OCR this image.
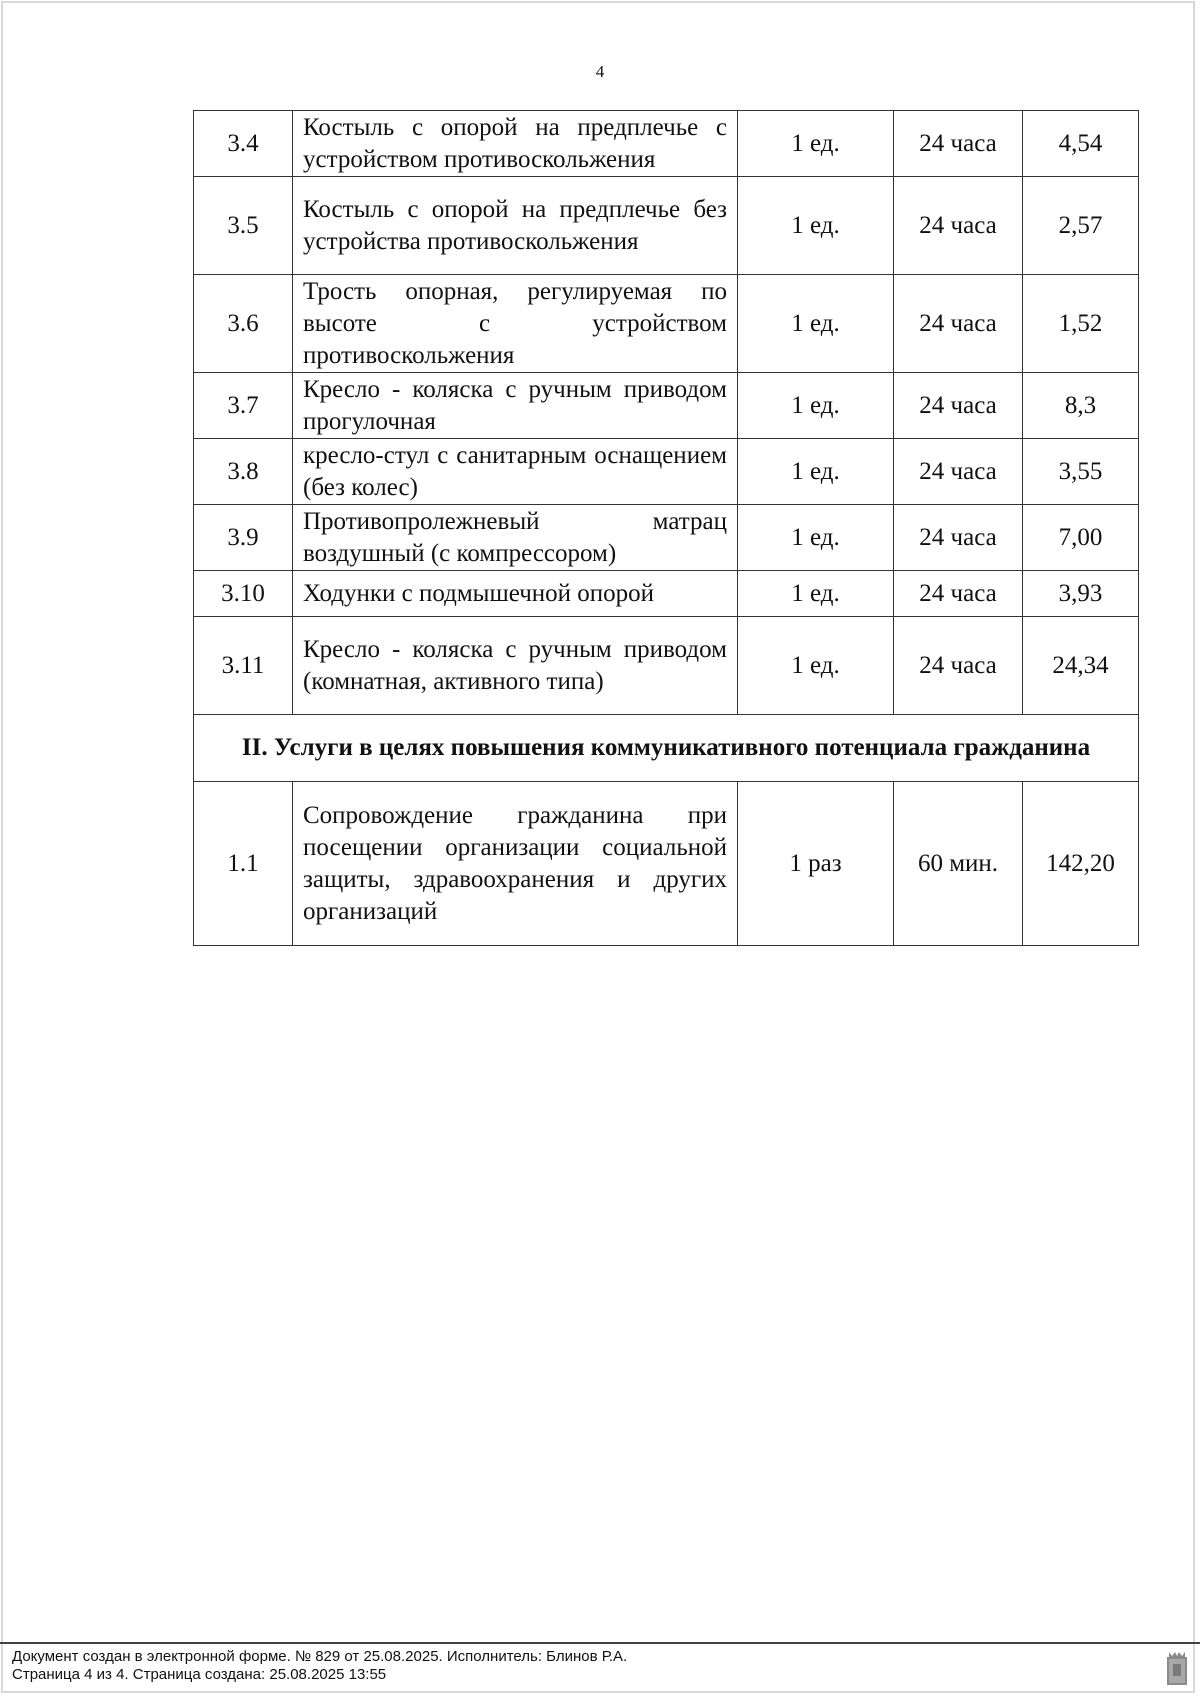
4
3.4	Костыль с опорой на предплечье с устройством противоскольжения	1 ед.	24 часа	4,54
3.5	Костыль с опорой на предплечье без устройства противоскольжения	1 ед.	24 часа	2,57
3.6	Трость опорная, регулируемая по высоте с устройством противоскольжения	1 ед.	24 часа	1,52
3.7	Кресло - коляска с ручным приводом прогулочная	1 ед.	24 часа	8,3
3.8	кресло-стул с санитарным оснащением (без колес)	1 ед.	24 часа	3,55
3.9	Противопролежневый матрац воздушный (с компрессором)	1 ед.	24 часа	7,00
3.10	Ходунки с подмышечной опорой	1 ед.	24 часа	3,93
3.11	Кресло - коляска с ручным приводом (комнатная, активного типа)	1 ед.	24 часа	24,34
II. Услуги в целях повышения коммуникативного потенциала гражданина				
1.1	Сопровождение гражданина при посещении организации социальной защиты, здравоохранения и других организаций	1 раз	60 мин.	142,20
Документ создан в электронной форме. № 829 от 25.08.2025. Исполнитель: Блинов Р.А.
Страница 4 из 4. Страница создана: 25.08.2025 13:55
